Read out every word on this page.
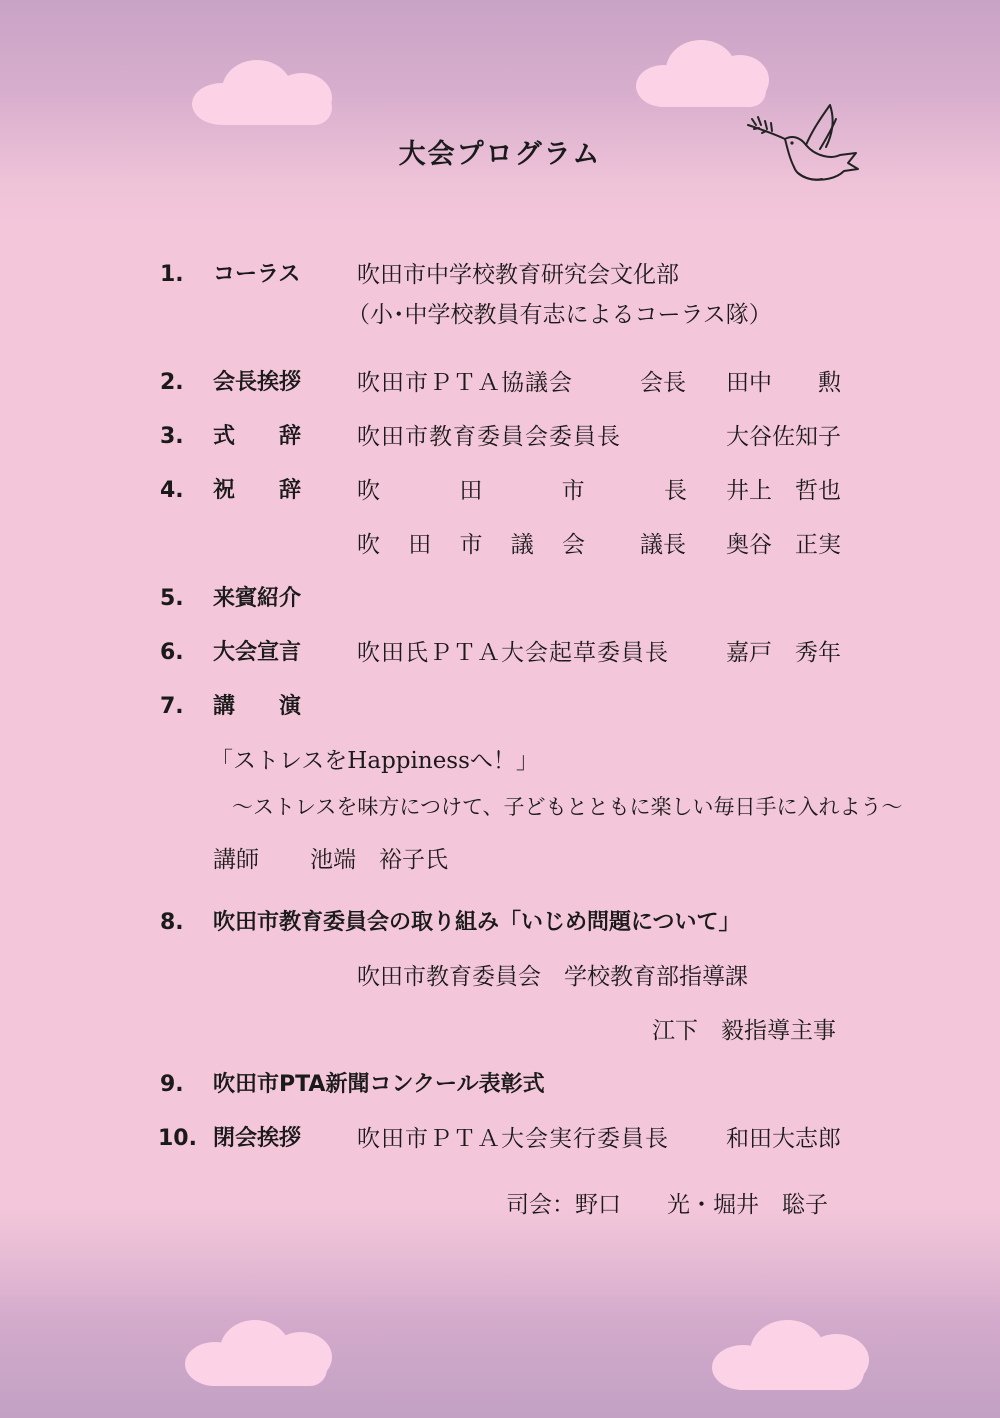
大会プログラム
1. コーラス 吹田市中学校教育研究会文化部
（小･中学校教員有志によるコーラス隊）
2. 会長挨拶 吹田市ＰＴＡ協議会	会長 田中　　勲
3. 式　　辞 吹田市教育委員会委員長	大谷佐知子
4. 祝　　辞 吹	田	市	長 井上　哲也
吹 田 市 議 会 議長 奥谷　正実
5. 来賓紹介
6. 大会宣言 吹田氏ＰＴＡ大会起草委員長 嘉戸　秀年
7. 講　　演
「ストレスをHappinessへ！」
～ストレスを味方につけて、子どもとともに楽しい毎日手に入れよう～
講師 池端　裕子氏
8. 吹田市教育委員会の取り組み「いじめ問題について」
吹田市教育委員会　学校教育部指導課
江下　毅指導主事
9. 吹田市PTA新聞コンクール表彰式
10. 閉会挨拶 吹田市ＰＴＡ大会実行委員長 和田大志郎
司会：野口　　光・堀井　聡子
